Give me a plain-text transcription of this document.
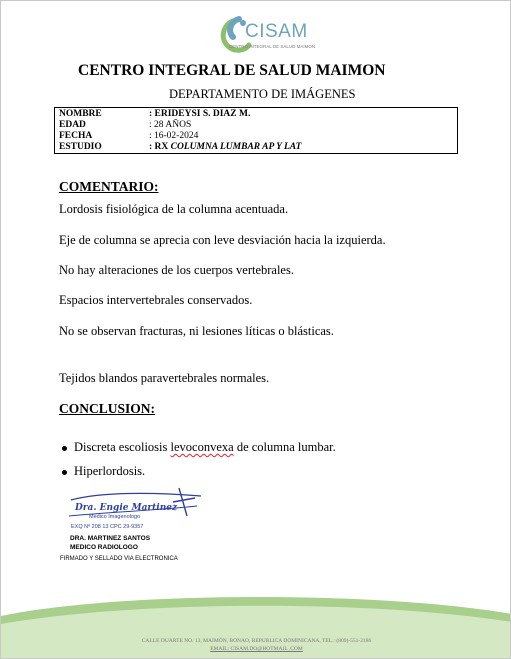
CISAM
CENTRO INTEGRAL DE SALUD MAIMON
CENTRO INTEGRAL DE SALUD MAIMON
DEPARTAMENTO DE IMÁGENES
NOMBRE	: ERIDEYSI S. DIAZ M.
EDAD	: 28 AÑOS
FECHA	: 16-02-2024
ESTUDIO	: RX COLUMNA LUMBAR AP Y LAT
COMENTARIO:
Lordosis fisiológica de la columna acentuada.
Eje de columna se aprecia con leve desviación hacia la izquierda.
No hay alteraciones de los cuerpos vertebrales.
Espacios intervertebrales conservados.
No se observan fracturas, ni lesiones líticas o blásticas.
Tejidos blandos paravertebrales normales.
CONCLUSION:
Discreta escoliosis levoconvexa de columna lumbar.
Hiperlordosis.
Dra. Engie Martinez
Medico Imagenologo
EXQ Nº 208 13 CPC 29-9357
DRA. MARTINEZ SANTOS
MEDICO RADIOLOGO
FIRMADO Y SELLADO VIA ELECTRONICA
CALLE DUARTE NO. 13, MAIMÓN, BONAO, REPUBLICA DOMINICANA, TEL.: (809)-551-2186
EMAIL: CISAM.DO@HOTMAIL .COM
